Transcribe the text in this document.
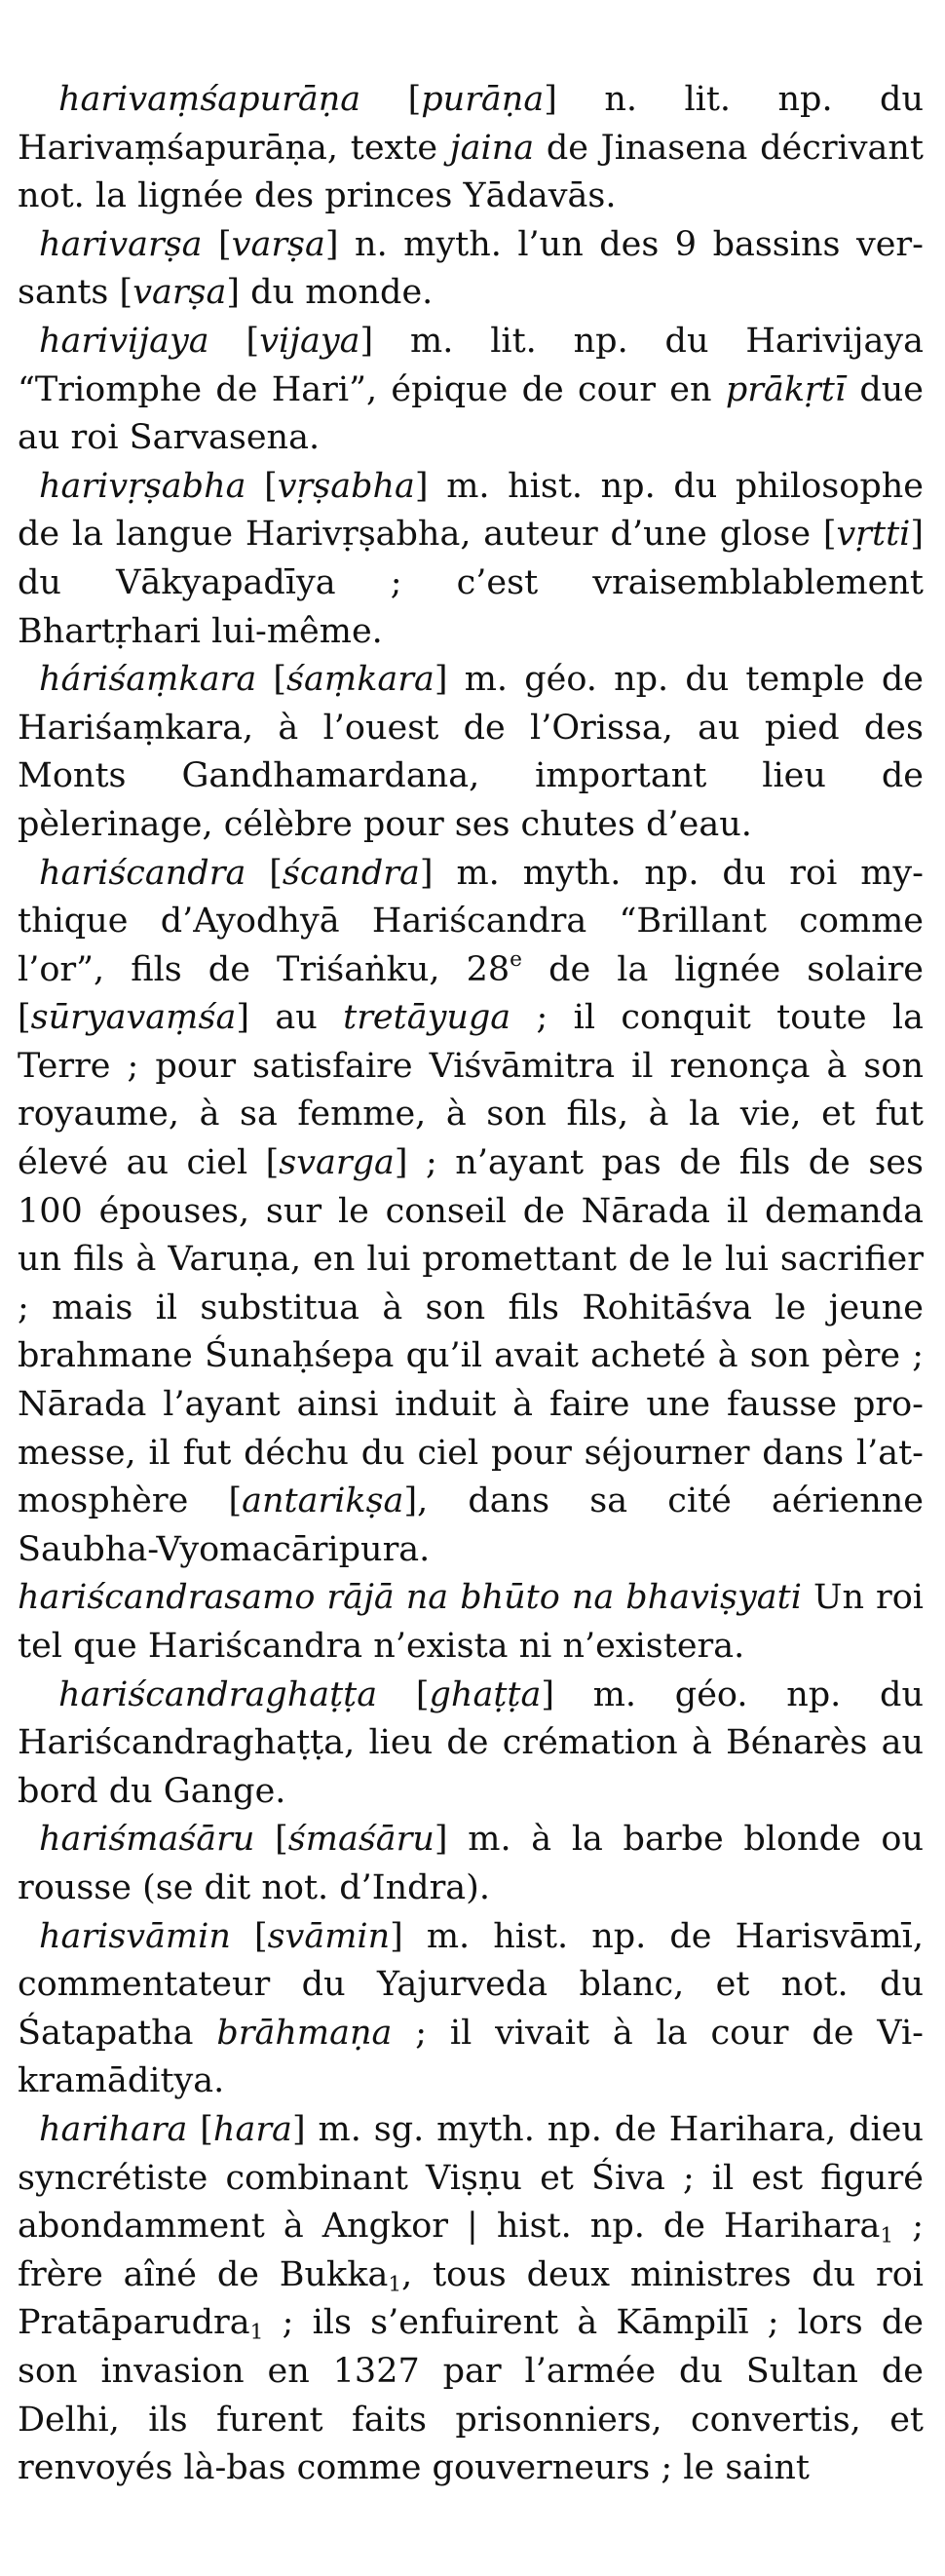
harivaṃśapurāṇa [purāṇa] n. lit. np. du Harivaṃśapurāṇa, texte jaina de Jinasena décrivant not. la lignée des princes Yādavās.

harivarṣa [varṣa] n. myth. l’un des 9 bassins versants [varṣa] du monde.

harivijaya [vijaya] m. lit. np. du Harivijaya “Triomphe de Hari”, épique de cour en prākṛtī due au roi Sarvasena.

harivṛṣabha [vṛṣabha] m. hist. np. du philosophe de la langue Harivṛṣabha, auteur d’une glose [vṛtti] du Vākyapadīya ; c’est vraisemblablement Bhartṛhari lui-même.

háriśaṃkara [śaṃkara] m. géo. np. du temple de Hariśaṃkara, à l’ouest de l’Orissa, au pied des Monts Gandhamardana, important lieu de pèlerinage, célèbre pour ses chutes d’eau.

hariścandra [ścandra] m. myth. np. du roi mythique d’Ayodhyā Hariścandra “Brillant comme l’or”, fils de Triśaṅku, 28e de la lignée solaire [sūryavaṃśa] au tretāyuga ; il conquit toute la Terre ; pour satisfaire Viśvāmitra il renonça à son royaume, à sa femme, à son fils, à la vie, et fut élevé au ciel [svarga] ; n’ayant pas de fils de ses 100 épouses, sur le conseil de Nārada il demanda un fils à Varuṇa, en lui promettant de le lui sacrifier ; mais il substitua à son fils Rohitāśva le jeune brahmane Śunaḥśepa qu’il avait acheté à son père ; Nārada l’ayant ainsi induit à faire une fausse promesse, il fut déchu du ciel pour séjourner dans l’atmosphère [antarikṣa], dans sa cité aérienne Saubha-Vyomacāripura.

hariścandrasamo rājā na bhūto na bhaviṣyati Un roi tel que Hariścandra n’exista ni n’existera.

hariścandraghaṭṭa [ghaṭṭa] m. géo. np. du Hariścandraghaṭṭa, lieu de crémation à Bénarès au bord du Gange.

hariśmaśāru [śmaśāru] m. à la barbe blonde ou rousse (se dit not. d’Indra).

harisvāmin [svāmin] m. hist. np. de Harisvāmī, commentateur du Yajurveda blanc, et not. du Śatapatha brāhmaṇa ; il vivait à la cour de Vikramāditya.

harihara [hara] m. sg. myth. np. de Harihara, dieu syncrétiste combinant Viṣṇu et Śiva ; il est figuré abondamment à Angkor | hist. np. de Harihara$_1$ ; frère aîné de Bukka$_1$, tous deux ministres du roi Pratāparudra$_1$ ; ils s’enfuirent à Kāmpilī ; lors de son invasion en 1327 par l’armée du Sultan de Delhi, ils furent faits prisonniers, convertis, et renvoyés là-bas comme gouverneurs ; le saint
